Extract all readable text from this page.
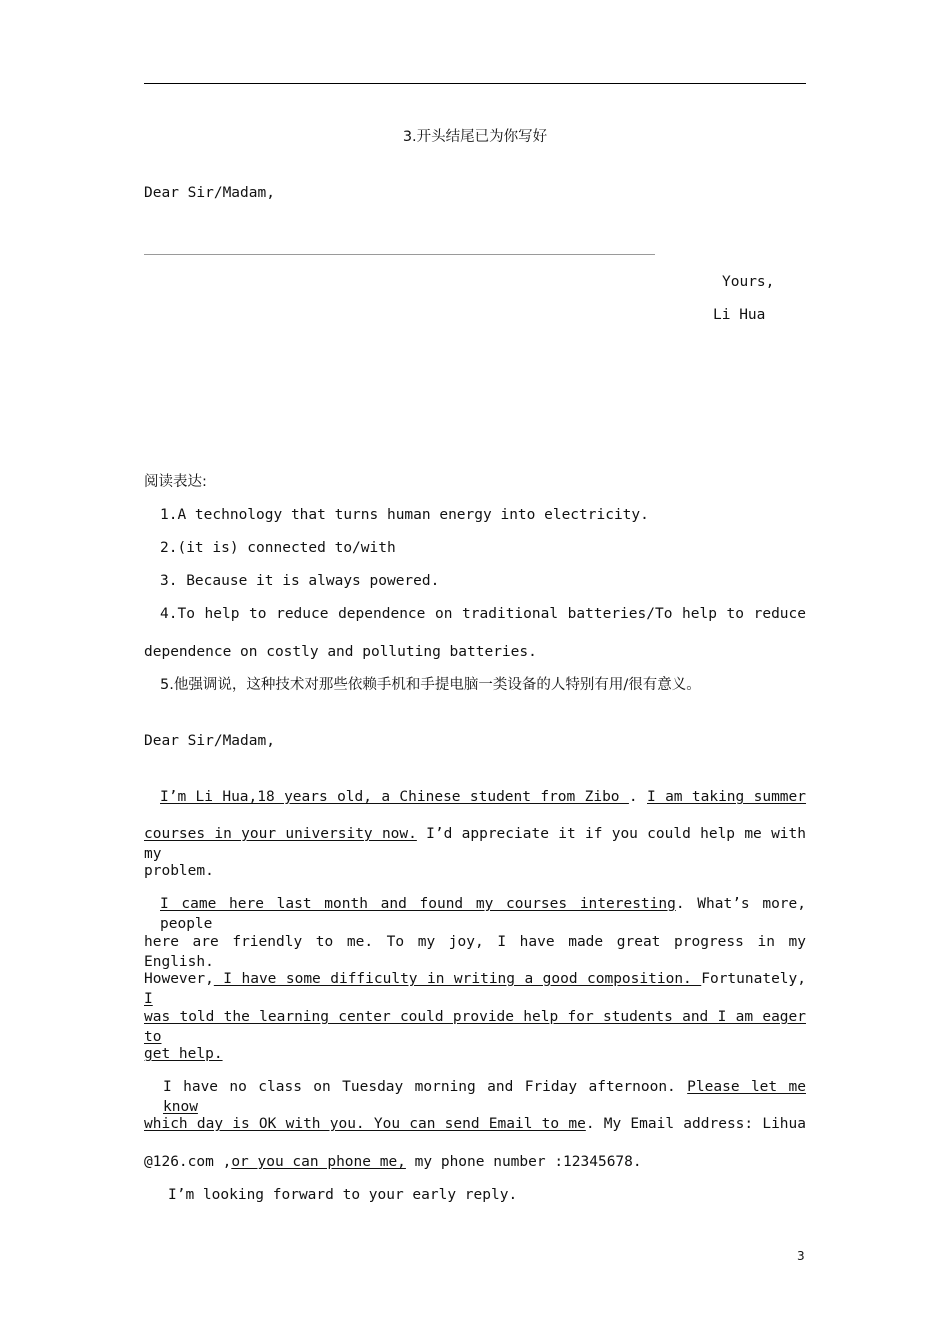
3.开头结尾已为你写好
Dear Sir/Madam,
Yours,
Li Hua
阅读表达:
1.A technology that turns human energy into electricity.
2.(it is) connected to/with
3. Because it is always powered.
4.To help to reduce dependence on traditional batteries/To help to reduce
dependence on costly and polluting batteries.
5.他强调说，这种技术对那些依赖手机和手提电脑一类设备的人特别有用/很有意义。
Dear Sir/Madam,
I’m Li Hua,18 years old, a Chinese student from Zibo . I am taking summer
courses in your university now. I’d appreciate it if you could help me with my
problem.
I came here last month and found my courses interesting. What’s more, people
here are friendly to me. To my joy, I have made great progress in my English.
However, I have some difficulty in writing a good composition. Fortunately, I
was told the learning center could provide help for students and I am eager to
get help.
I have no class on Tuesday morning and Friday afternoon. Please let me know
which day is OK with you. You can send Email to me. My Email address: Lihua
@126.com ,or you can phone me, my phone number :12345678.
I’m looking forward to your early reply.
3
